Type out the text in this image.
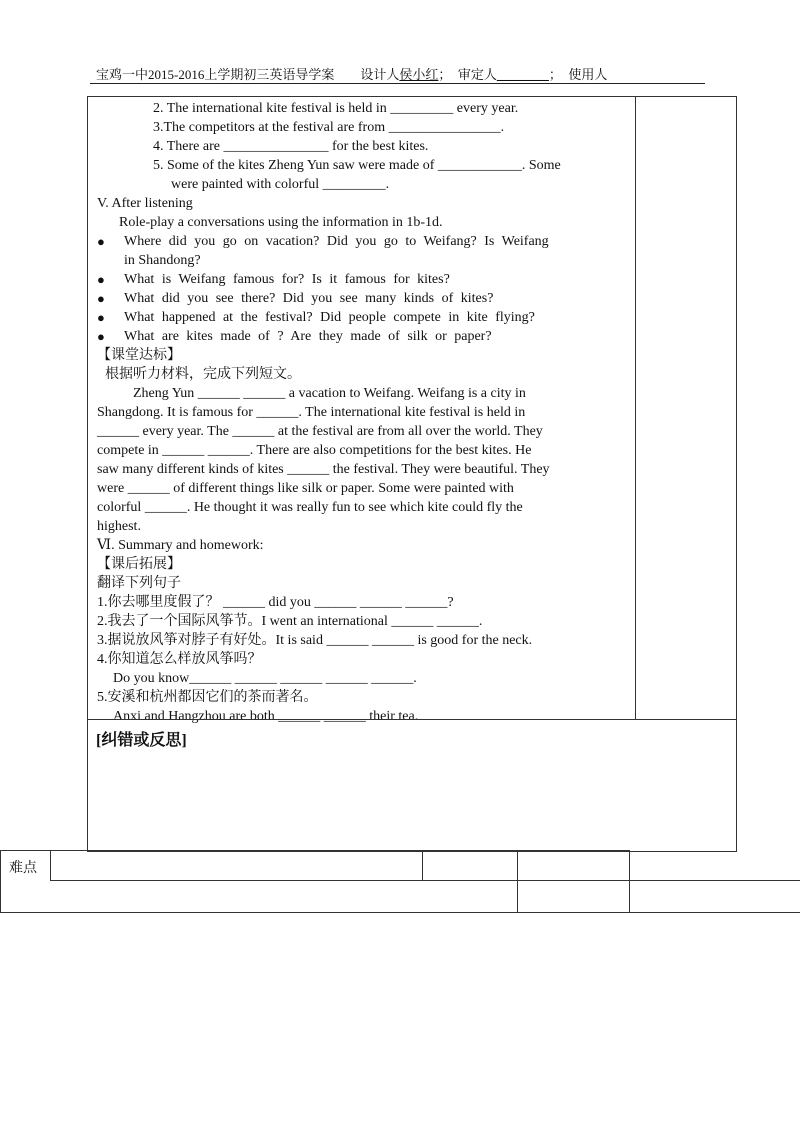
宝鸡一中2015-2016上学期初三英语导学案　　设计人侯小红；　审定人________；　使用人

2. The international kite festival is held in _________ every year.

3.The competitors at the festival are from ________________.

4. There are _______________ for the best kites.

5. Some of the kites Zheng Yun saw were made of ____________. Some

were painted with colorful _________.

V. After listening

Role-play a conversations using the information in 1b-1d.

●	Where did you go on vacation? Did you go to Weifang? Is Weifang

in Shandong?

●	What is Weifang famous for? Is it famous for kites?
●	What did you see there? Did you see many kinds of kites?
●	What happened at the festival? Did people compete in kite flying?
●	What are kites made of ? Are they made of silk or paper?

【课堂达标】

根据听力材料，完成下列短文。

Zheng Yun ______ ______ a vacation to Weifang. Weifang is a city in

Shangdong. It is famous for ______. The international kite festival is held in

______ every year. The ______ at the festival are from all over the world. They

compete in ______ ______. There are also competitions for the best kites. He

saw many different kinds of kites ______ the festival. They were beautiful. They

were ______ of different things like silk or paper. Some were painted with

colorful ______. He thought it was really fun to see which kite could fly the

highest.

Ⅵ. Summary and homework:

【课后拓展】

翻译下列句子

1.你去哪里度假了？ ______ did you ______ ______ ______?

2.我去了一个国际风筝节。I went an international ______ ______.

3.据说放风筝对脖子有好处。It is said ______ ______ is good for the neck.

4.你知道怎么样放风筝吗？

Do you know______ ______ ______ ______ ______.

5.安溪和杭州都因它们的茶而著名。

Anxi and Hangzhou are both ______ ______ their tea.

[纠错或反思]
难点
